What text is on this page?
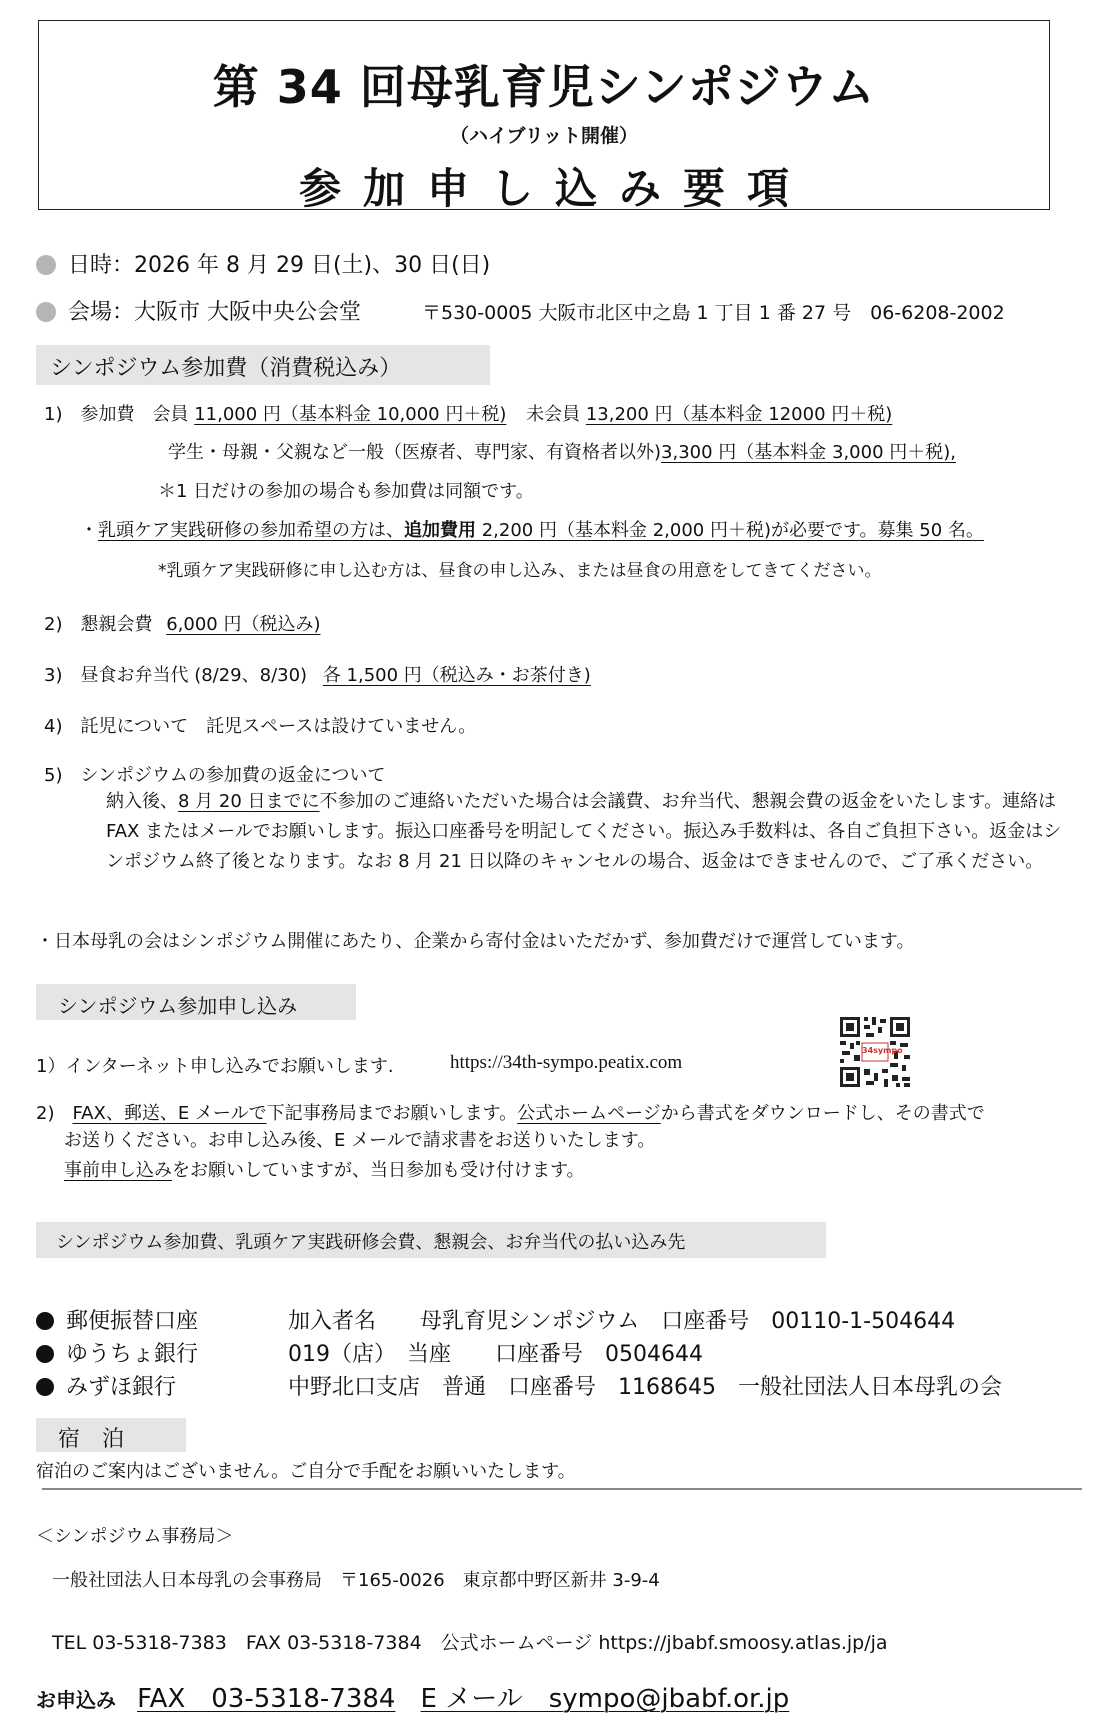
第 34 回母乳育児シンポジウム
（ハイブリット開催）
参加申し込み要項
日時：2026 年 8 月 29 日(土)、30 日(日)
会場：大阪市 大阪中央公会堂	〒530-0005 大阪市北区中之島 1 丁目 1 番 27 号　06-6208-2002
シンポジウム参加費（消費税込み）
1)　参加費　会員 11,000 円（基本料金 10,000 円＋税) 未会員 13,200 円（基本料金 12000 円＋税)
学生・母親・父親など一般（医療者、専門家、有資格者以外)3,300 円（基本料金 3,000 円＋税),
＊1 日だけの参加の場合も参加費は同額です。
・乳頭ケア実践研修の参加希望の方は、追加費用 2,200 円（基本料金 2,000 円＋税)が必要です。募集 50 名。
*乳頭ケア実践研修に申し込む方は、昼食の申し込み、または昼食の用意をしてきてください。
2)　懇親会費 6,000 円（税込み)
3)　昼食お弁当代 (8/29、8/30) 各 1,500 円（税込み・お茶付き)
4)　託児について　託児スペースは設けていません。
5)　シンポジウムの参加費の返金について
納入後、8 月 20 日までに不参加のご連絡いただいた場合は会議費、お弁当代、懇親会費の返金をいたします。連絡は FAX またはメールでお願いします。振込口座番号を明記してください。振込み手数料は、各自ご負担下さい。返金はシンポジウム終了後となります。なお 8 月 21 日以降のキャンセルの場合、返金はできませんので、ご了承ください。
・日本母乳の会はシンポジウム開催にあたり、企業から寄付金はいただかず、参加費だけで運営しています。
シンポジウム参加申し込み
1）インターネット申し込みでお願いします.	https://34th-sympo.peatix.com
34sympo
2)　FAX、郵送、E メールで下記事務局までお願いします。公式ホームページから書式をダウンロードし、その書式で
お送りください。お申し込み後、E メールで請求書をお送りいたします。
事前申し込みをお願いしていますが、当日参加も受け付けます。
シンポジウム参加費、乳頭ケア実践研修会費、懇親会、お弁当代の払い込み先
郵便振替口座	加入者名　　母乳育児シンポジウム　口座番号　00110-1-504644
ゆうちょ銀行	019（店）　当座　　口座番号　0504644
みずほ銀行	中野北口支店　普通　口座番号　1168645　一般社団法人日本母乳の会
宿　泊
宿泊のご案内はございません。ご自分で手配をお願いいたします。
＜シンポジウム事務局＞
一般社団法人日本母乳の会事務局　〒165-0026　東京都中野区新井 3-9-4
TEL 03-5318-7383　FAX 03-5318-7384　公式ホームページ https://jbabf.smoosy.atlas.jp/ja
お申込み FAX　03-5318-7384 E メール　sympo@jbabf.or.jp
